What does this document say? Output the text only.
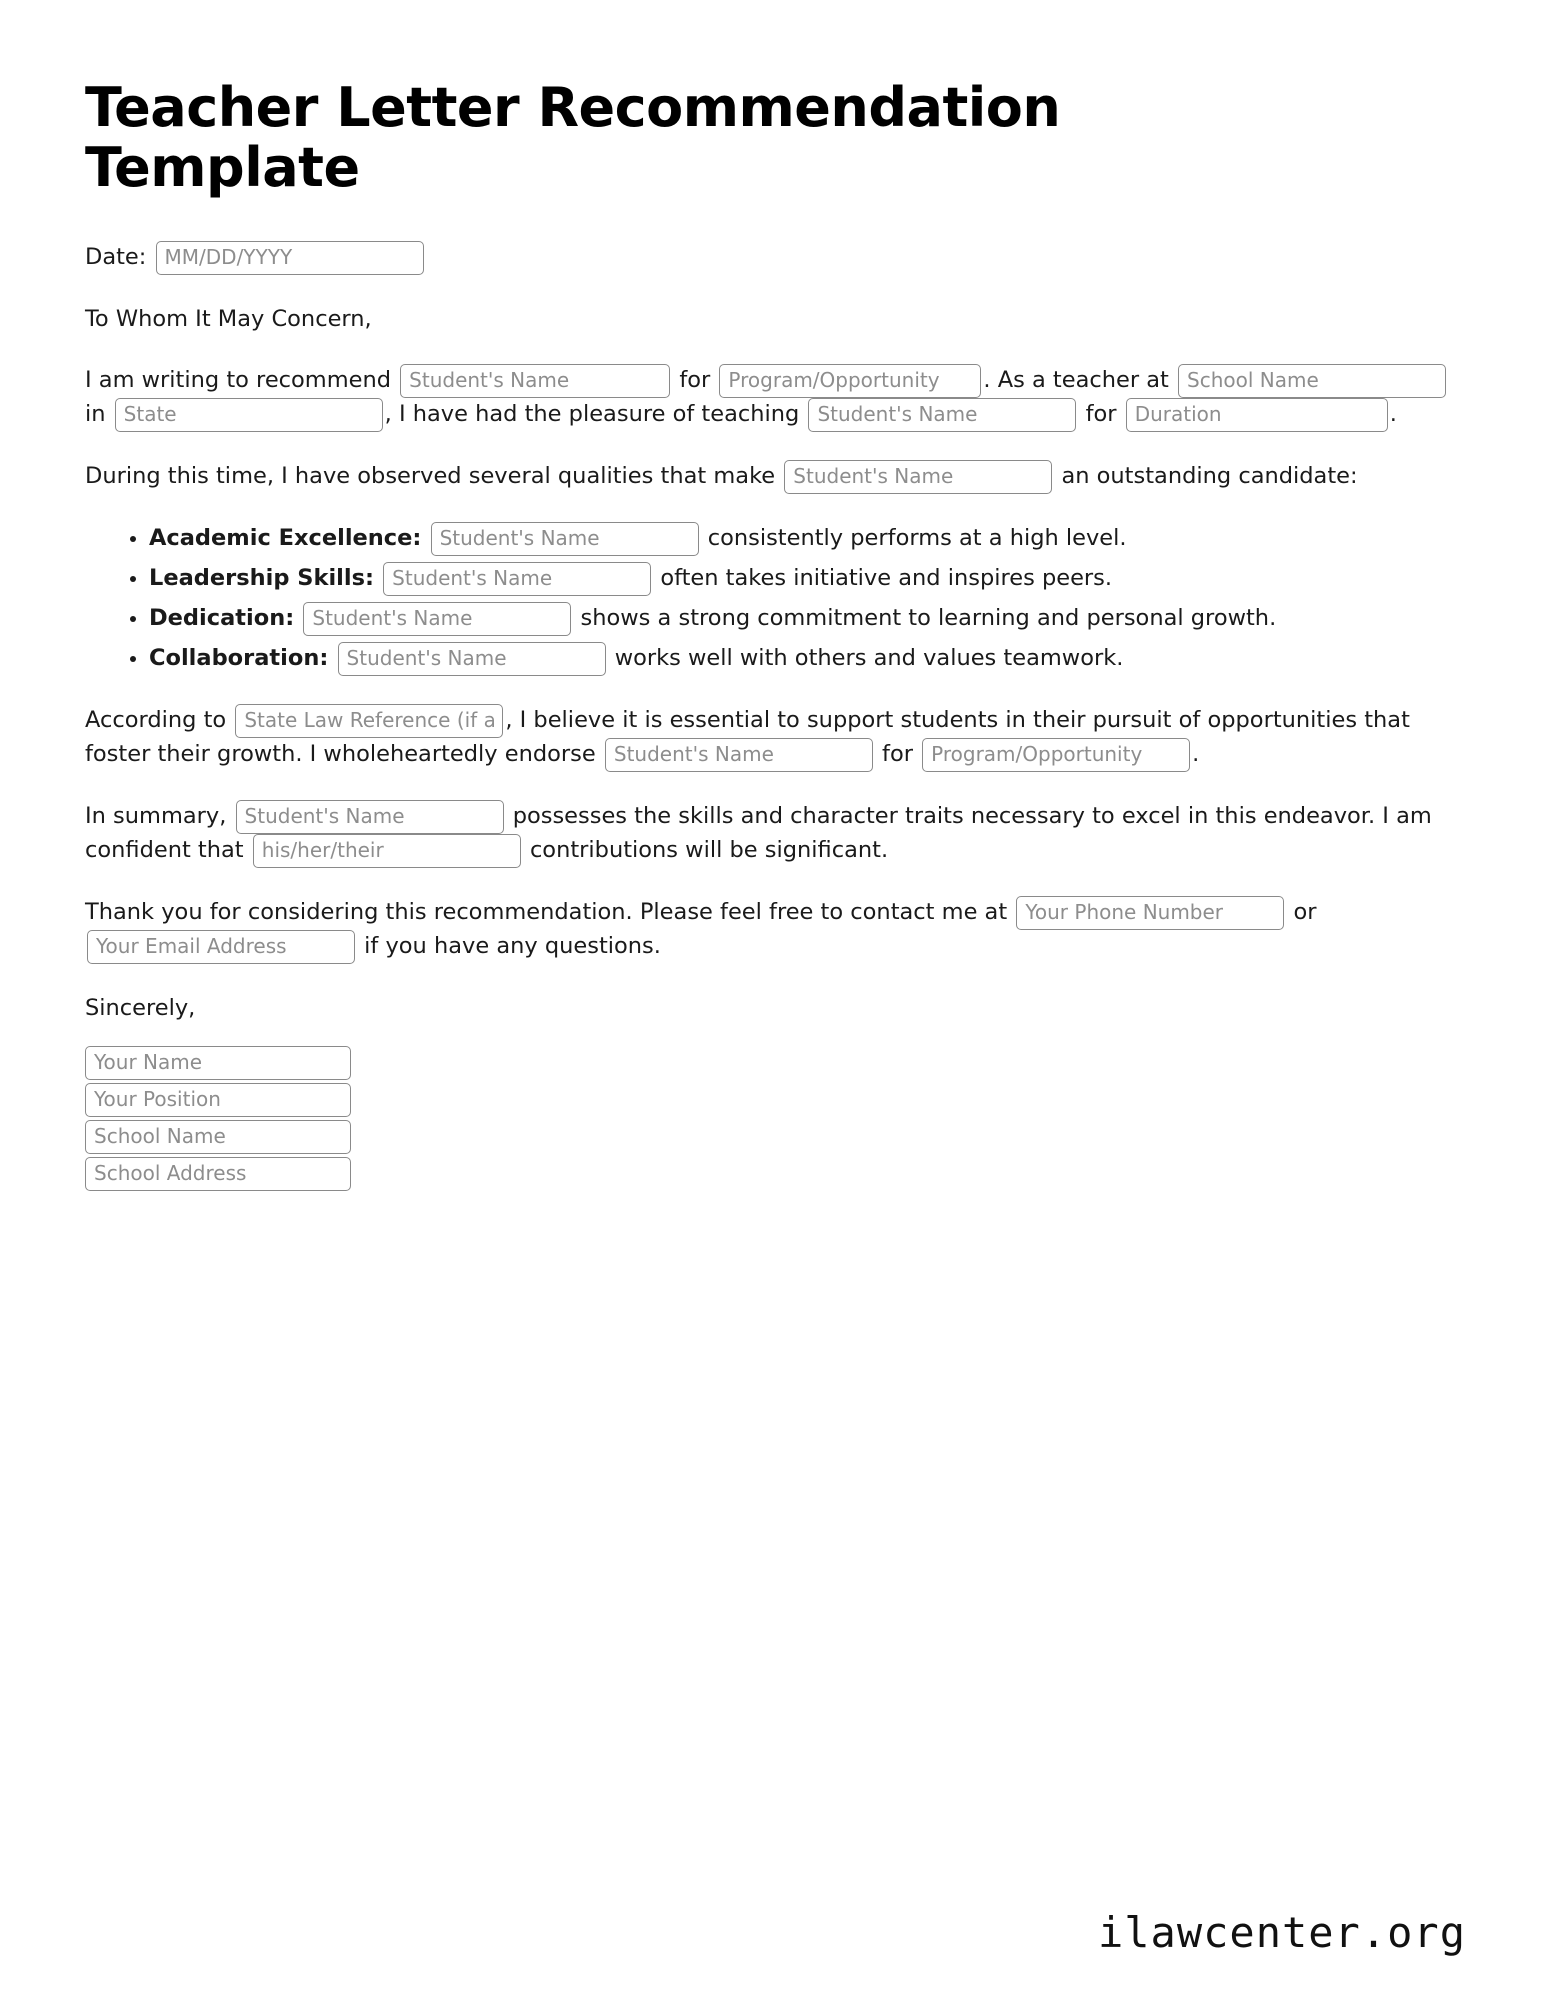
Teacher Letter Recommendation Template

Date: MM/DD/YYYY

To Whom It May Concern,

I am writing to recommend Student's Name	for Program/Opportunity	. As a teacher at School Name in State	, I have had the pleasure of teaching Student's Name	for Duration	.

During this time, I have observed several qualities that make Student's Name	an outstanding candidate:

• Academic Excellence: Student's Name	consistently performs at a high level.
• Leadership Skills: Student's Name	often takes initiative and inspires peers.
• Dedication: Student's Name	shows a strong commitment to learning and personal growth.
• Collaboration: Student's Name	works well with others and values teamwork.

According to State Law Reference (if applicable)	, I believe it is essential to support students in their pursuit of opportunities that foster their growth. I wholeheartedly endorse Student's Name	for Program/Opportunity	.

In summary, Student's Name	possesses the skills and character traits necessary to excel in this endeavor. I am confident that his/her/their	contributions will be significant.

Thank you for considering this recommendation. Please feel free to contact me at Your Phone Number	or Your Email Address if you have any questions.

Sincerely,

Your Name
Your Position
School Name
School Address
ilawcenter.org
